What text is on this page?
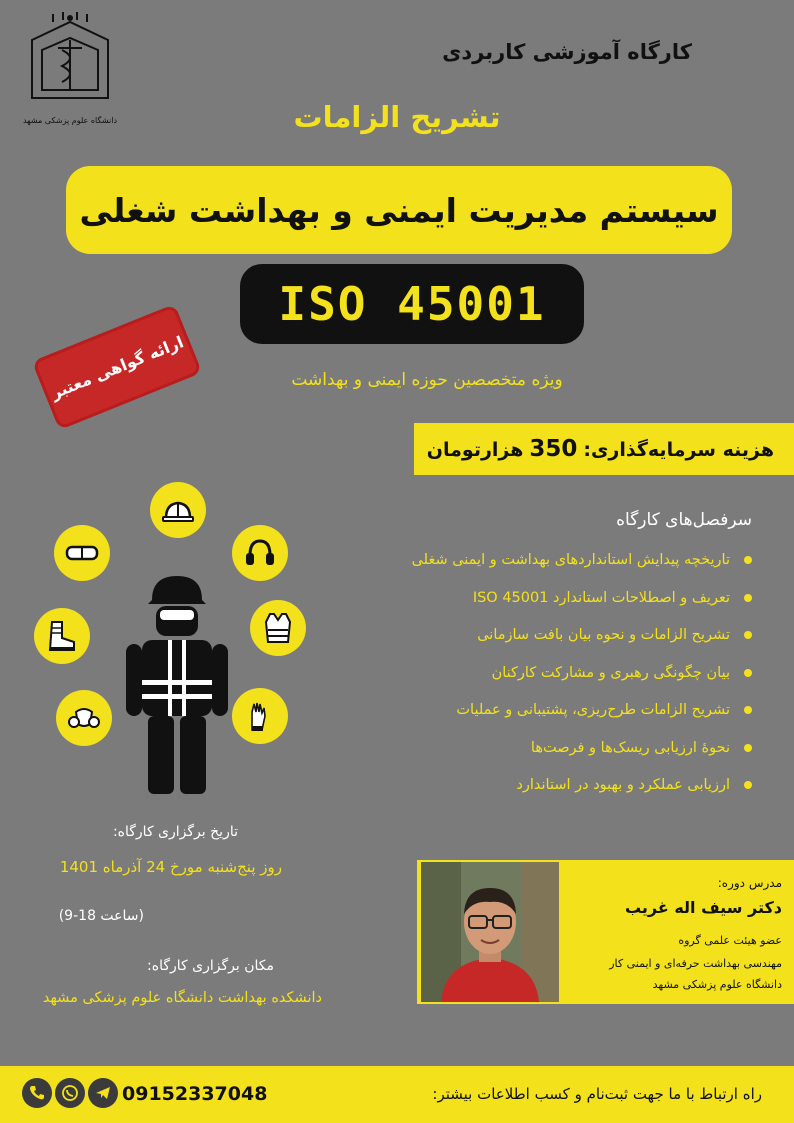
دانشگاه علوم پزشکی مشهد
کارگاه آموزشی کاربردی
تشریح الزامات
سیستم مدیریت ایمنی و بهداشت شغلی
ISO 45001
ارائه گواهی معتبر	ویژه متخصصین حوزه ایمنی و بهداشت
هزینه سرمایه‌گذاری:
350
هزارتومان
سرفصل‌های کارگاه
تاریخچه پیدایش استانداردهای بهداشت و ایمنی شغلی
تعریف و اصطلاحات استاندارد ISO 45001
تشریح الزامات و نحوه بیان بافت سازمانی
بیان چگونگی رهبری و مشارکت کارکنان
تشریح الزامات طرح‌ریزی، پشتیبانی و عملیات
نحوهٔ ارزیابی ریسک‌ها و فرصت‌ها
ارزیابی عملکرد و بهبود در استاندارد
تاریخ برگزاری کارگاه:
روز پنج‌شنبه مورخ 24 آذرماه 1401
(ساعت 18-9)
مکان برگزاری کارگاه:
دانشکده بهداشت دانشگاه علوم پزشکی مشهد
مدرس دوره:
دکتر سیف اله غریب
عضو هیئت علمی گروه
مهندسی بهداشت حرفه‌ای و ایمنی کار
دانشگاه علوم پزشکی مشهد
09152337048	راه ارتباط با ما جهت ثبت‌نام و کسب اطلاعات بیشتر:
